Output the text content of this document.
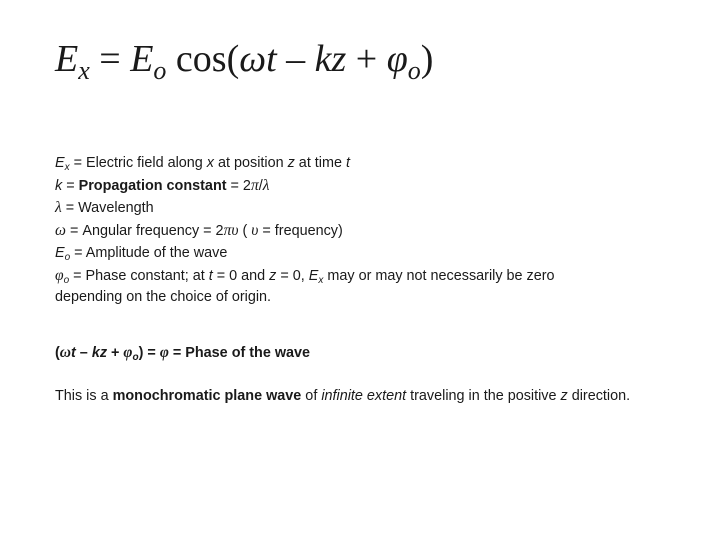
$E_x = E_o$ cos(ωt – kz + $\varphi_o$)
$E_x$ = Electric field along x at position z at time t
k = Propagation constant = 2π/λ
λ = Wavelength
ω = Angular frequency = 2πυ ( υ = frequency)
$E_o$ = Amplitude of the wave
$\varphi_o$ = Phase constant; at t = 0 and z = 0, $E_x$ may or may not necessarily be zero
depending on the choice of origin.
(ωt – kz + $\varphi_o) = \varphi$ = Phase of the wave
This is a monochromatic plane wave of infinite extent traveling in the positive z direction.
